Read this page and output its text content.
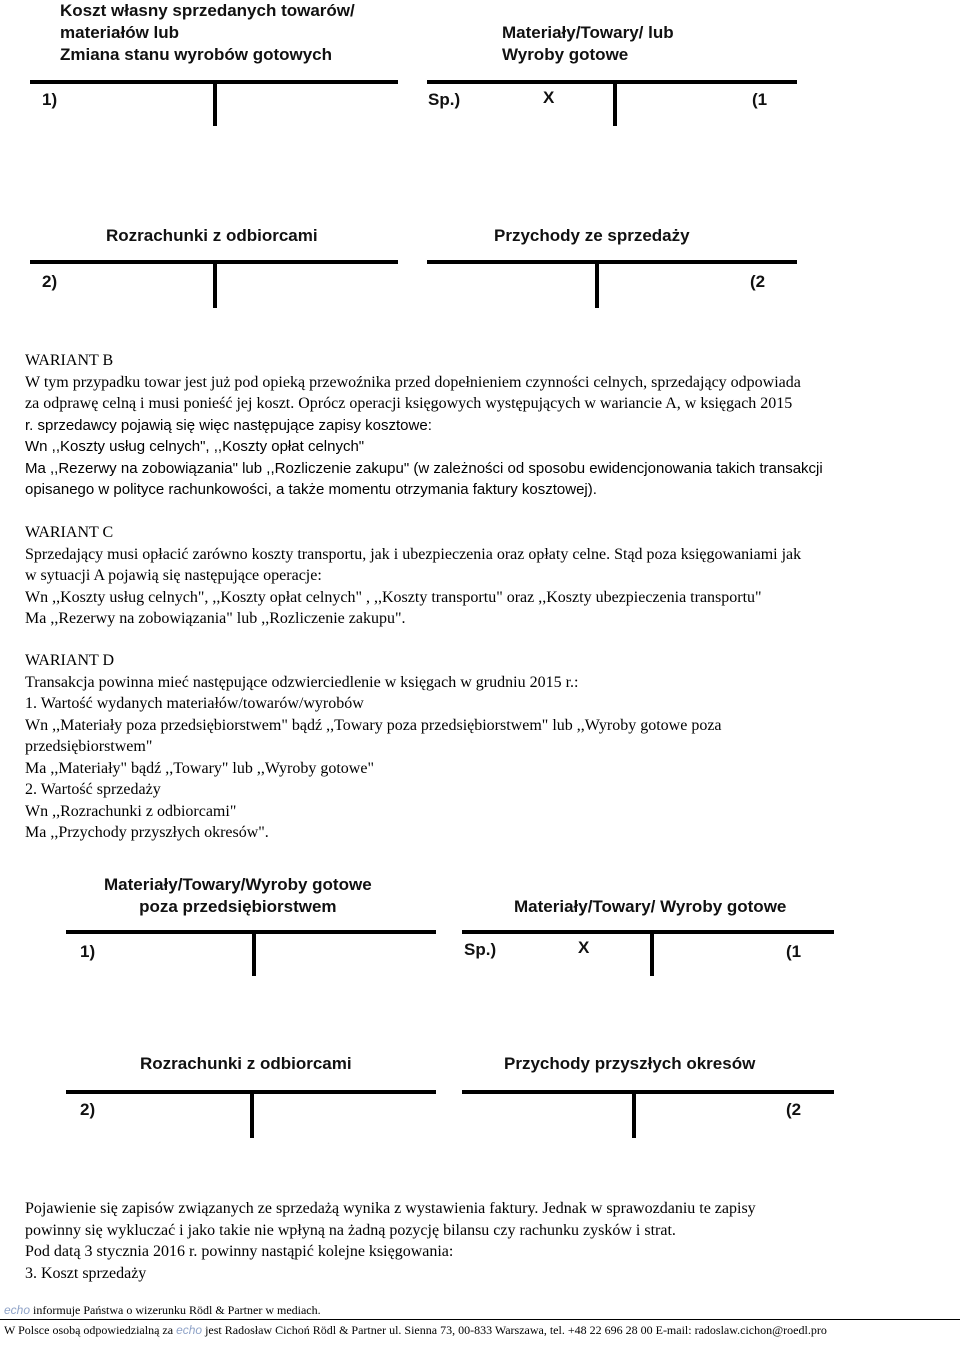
Koszt własny sprzedanych towarów/
materiałów lub
Zmiana stanu wyrobów gotowych
Materiały/Towary/ lub
Wyroby gotowe
1)	Sp.)	X	(1
Rozrachunki z odbiorcami	Przychody ze sprzedaży
2)	(2

WARIANT B

W tym przypadku towar jest już pod opieką przewoźnika przed dopełnieniem czynności celnych, sprzedający odpowiada

za odprawę celną i musi ponieść jej koszt. Oprócz operacji księgowych występujących w wariancie A, w księgach 2015

r. sprzedawcy pojawią się więc następujące zapisy kosztowe:

Wn ,,Koszty usług celnych", ,,Koszty opłat celnych"

Ma ,,Rezerwy na zobowiązania" lub ,,Rozliczenie zakupu" (w zależności od sposobu ewidencjonowania takich transakcji

opisanego w polityce rachunkowości, a także momentu otrzymania faktury kosztowej).

WARIANT C

Sprzedający musi opłacić zarówno koszty transportu, jak i ubezpieczenia oraz opłaty celne. Stąd poza księgowaniami jak

w sytuacji A pojawią się następujące operacje:

Wn ,,Koszty usług celnych", ,,Koszty opłat celnych" , ,,Koszty transportu" oraz ,,Koszty ubezpieczenia transportu"

Ma ,,Rezerwy na zobowiązania" lub ,,Rozliczenie zakupu".

WARIANT D

Transakcja powinna mieć następujące odzwierciedlenie w księgach w grudniu 2015 r.:

1. Wartość wydanych materiałów/towarów/wyrobów

Wn ,,Materiały poza przedsiębiorstwem" bądź ,,Towary poza przedsiębiorstwem" lub ,,Wyroby gotowe poza

przedsiębiorstwem"

Ma ,,Materiały" bądź ,,Towary" lub ,,Wyroby gotowe"

2. Wartość sprzedaży

Wn ,,Rozrachunki z odbiorcami"

Ma ,,Przychody przyszłych okresów".

Materiały/Towary/Wyroby gotowe
poza przedsiębiorstwem	Materiały/Towary/ Wyroby gotowe
1)	Sp.)	X	(1
Rozrachunki z odbiorcami	Przychody przyszłych okresów
2)	(2

Pojawienie się zapisów związanych ze sprzedażą wynika z wystawienia faktury. Jednak w sprawozdaniu te zapisy

powinny się wykluczać i jako takie nie wpłyną na żadną pozycję bilansu czy rachunku zysków i strat.

Pod datą 3 stycznia 2016 r. powinny nastąpić kolejne księgowania:

3. Koszt sprzedaży

echo informuje Państwa o wizerunku Rödl & Partner w mediach.
W Polsce osobą odpowiedzialną za echo jest Radosław Cichoń Rödl & Partner ul. Sienna 73, 00-833 Warszawa, tel. +48 22 696 28 00 E-mail: radoslaw.cichon@roedl.pro
